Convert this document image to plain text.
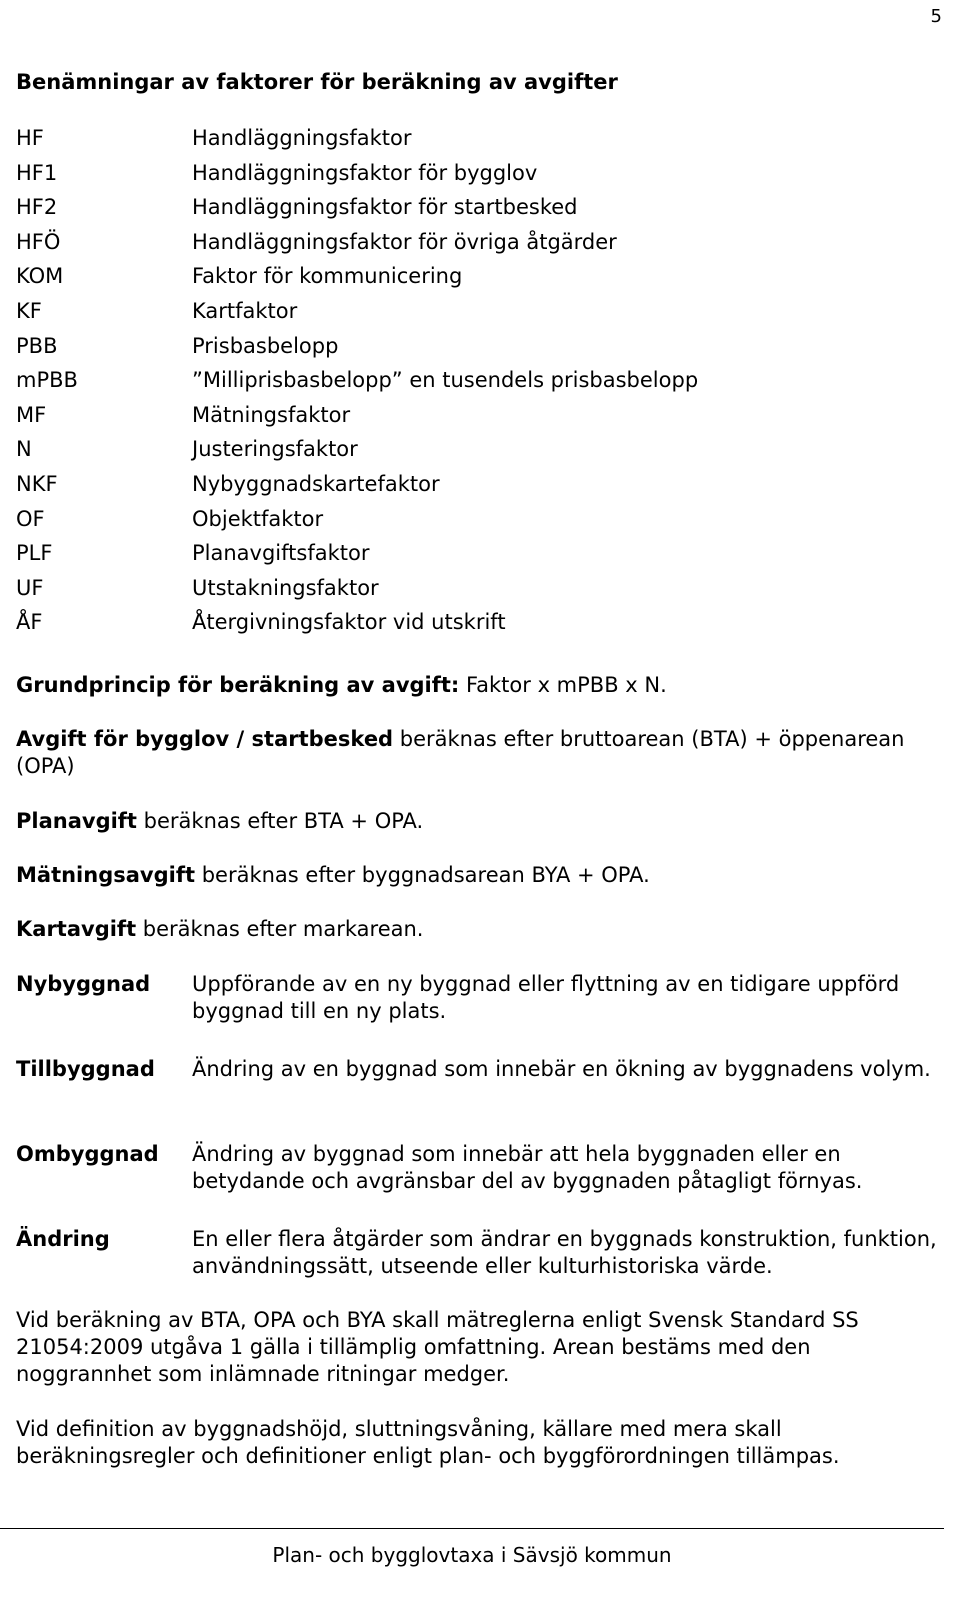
5
Benämningar av faktorer för beräkning av avgifter
HF	Handläggningsfaktor
HF1	Handläggningsfaktor för bygglov
HF2	Handläggningsfaktor för startbesked
HFÖ	Handläggningsfaktor för övriga åtgärder
KOM	Faktor för kommunicering
KF	Kartfaktor
PBB	Prisbasbelopp
mPBB	”Milliprisbasbelopp” en tusendels prisbasbelopp
MF	Mätningsfaktor
N	Justeringsfaktor
NKF	Nybyggnadskartefaktor
OF	Objektfaktor
PLF	Planavgiftsfaktor
UF	Utstakningsfaktor
ÅF	Återgivningsfaktor vid utskrift

Grundprincip för beräkning av avgift: Faktor x mPBB x N.

Avgift för bygglov / startbesked beräknas efter bruttoarean (BTA) + öppenarean (OPA)

Planavgift beräknas efter BTA + OPA.

Mätningsavgift beräknas efter byggnadsarean BYA + OPA.

Kartavgift beräknas efter markarean.

Nybyggnad	Uppförande av en ny byggnad eller flyttning av en tidigare uppförd byggnad till en ny plats.
Tillbyggnad	Ändring av en byggnad som innebär en ökning av byggnadens volym.
Ombyggnad	Ändring av byggnad som innebär att hela byggnaden eller en betydande och avgränsbar del av byggnaden påtagligt förnyas.
Ändring	En eller flera åtgärder som ändrar en byggnads konstruktion, funktion, användningssätt, utseende eller kulturhistoriska värde.

Vid beräkning av BTA, OPA och BYA skall mätreglerna enligt Svensk Standard SS 21054:2009 utgåva 1 gälla i tillämplig omfattning. Arean bestäms med den noggrannhet som inlämnade ritningar medger.

Vid definition av byggnadshöjd, sluttningsvåning, källare med mera skall beräkningsregler och definitioner enligt plan- och byggförordningen tillämpas.

Plan- och bygglovtaxa i Sävsjö kommun
